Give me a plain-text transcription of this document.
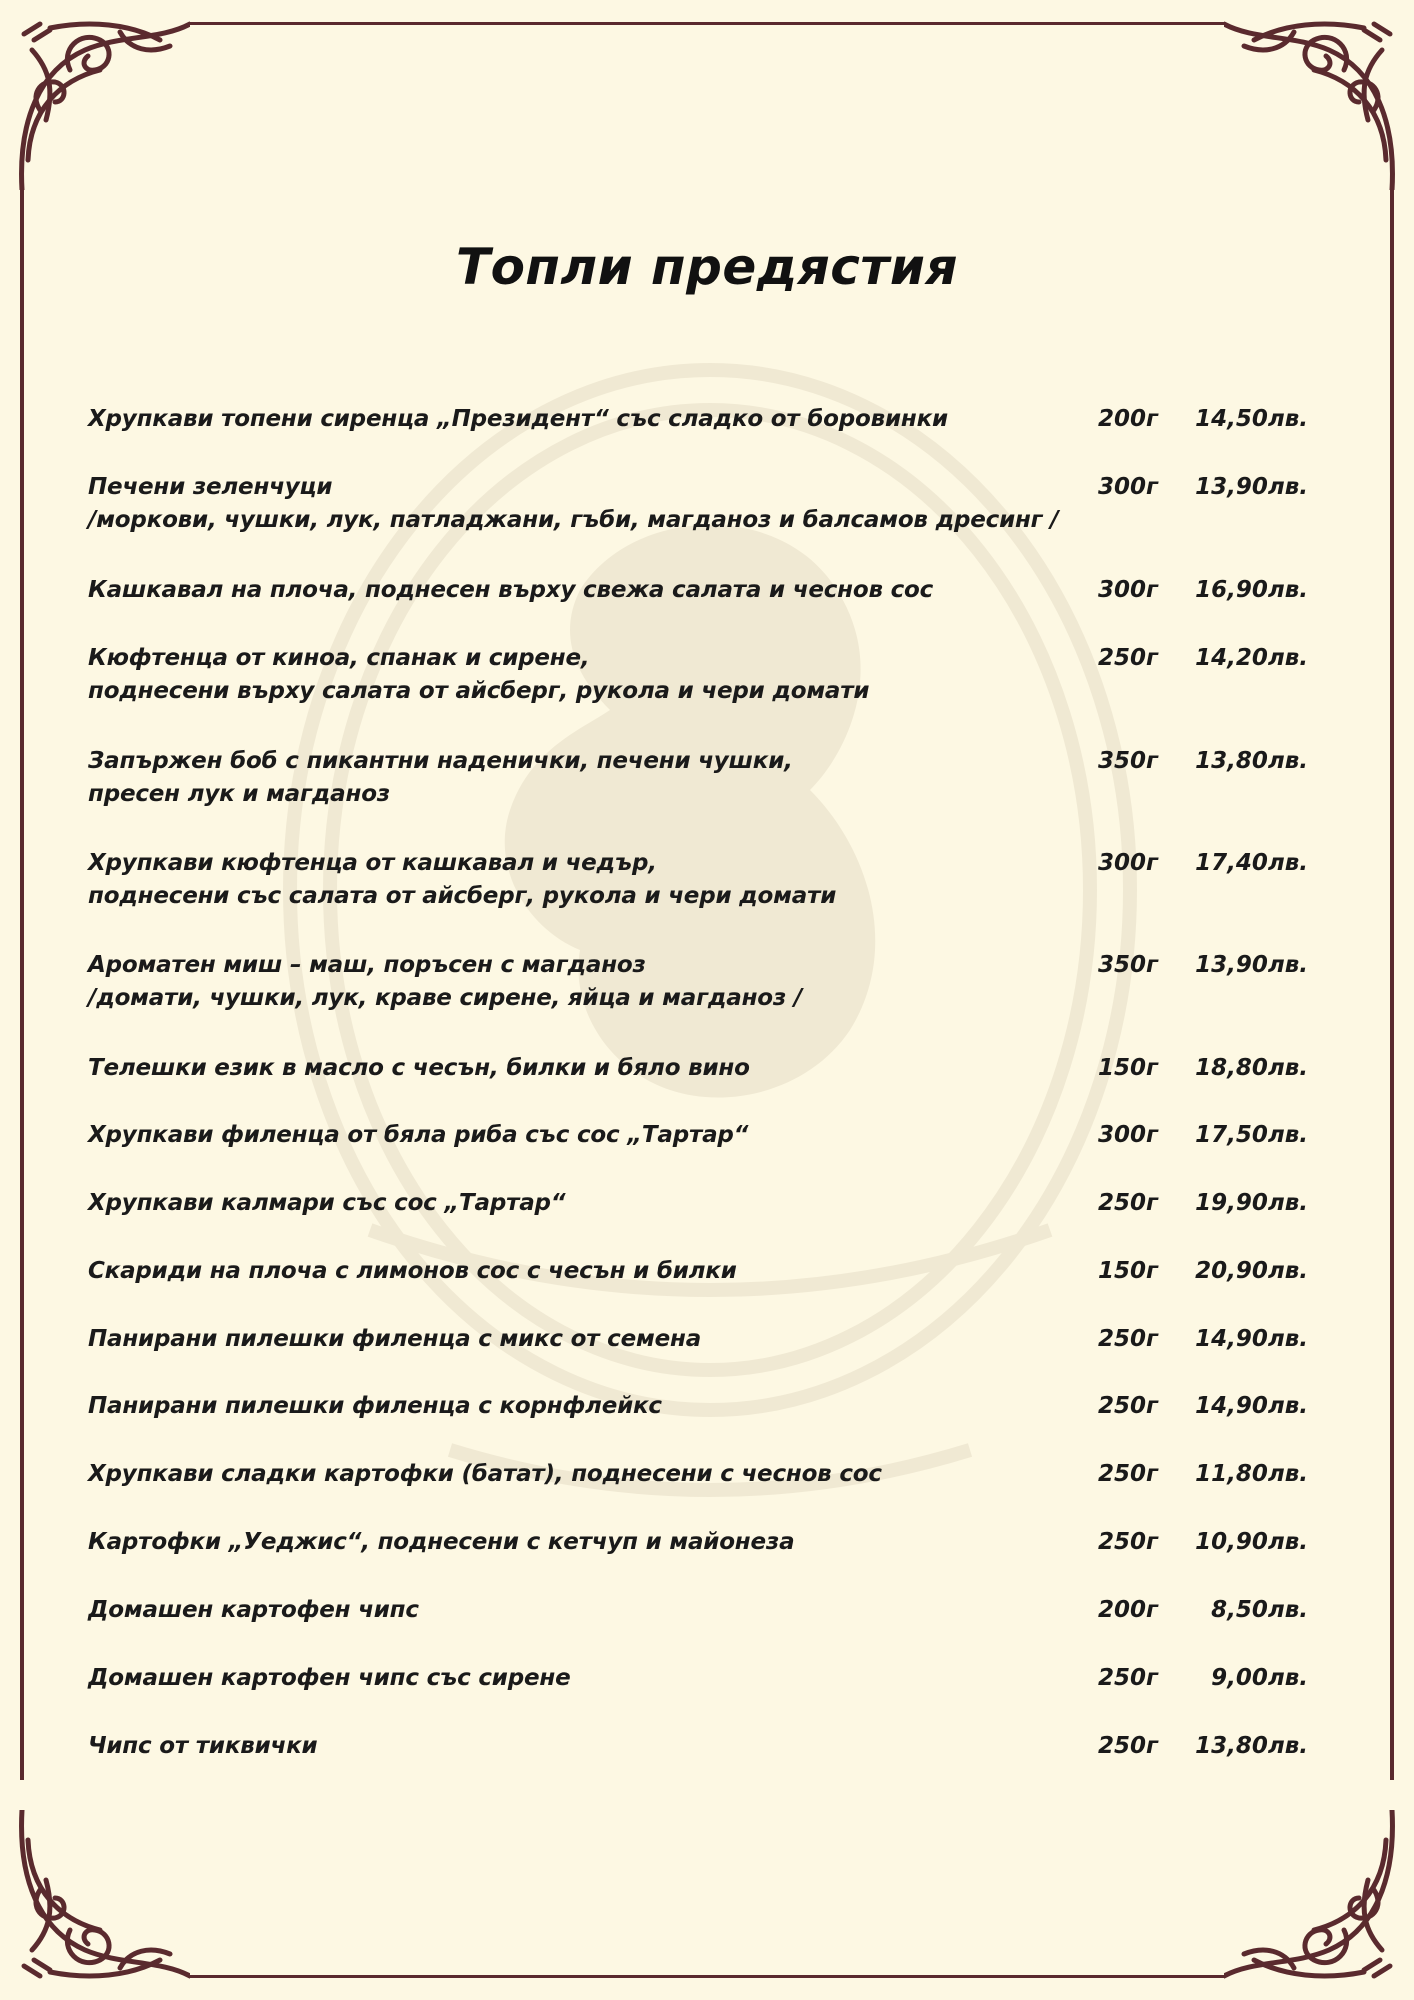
Топли предястия
Хрупкави топени сиренца „Президент“ със сладко от боровинки	200г	14,50лв.
Печени зеленчуци
/моркови, чушки, лук, патладжани, гъби, магданоз и балсамов дресинг /
300г	13,90лв.
Кашкавал на плоча, поднесен върху свежа салата и чеснов сос	300г	16,90лв.
Кюфтенца от киноа, спанак и сирене,
поднесени върху салата от айсберг, рукола и чери домати
250г	14,20лв.
Запържен боб с пикантни наденички, печени чушки,
пресен лук и магданоз
350г	13,80лв.
Хрупкави кюфтенца от кашкавал и чедър,
поднесени със салата от айсберг, рукола и чери домати
300г	17,40лв.
Ароматен миш – маш, поръсен с магданоз
/домати, чушки, лук, краве сирене, яйца и магданоз /
350г	13,90лв.
Телешки език в масло с чесън, билки и бяло вино	150г	18,80лв.
Хрупкави филенца от бяла риба със сос „Тартар“	300г	17,50лв.
Хрупкави калмари със сос „Тартар“	250г	19,90лв.
Скариди на плоча с лимонов сос с чесън и билки	150г	20,90лв.
Панирани пилешки филенца с микс от семена	250г	14,90лв.
Панирани пилешки филенца с корнфлейкс	250г	14,90лв.
Хрупкави сладки картофки (батат), поднесени с чеснов сос	250г	11,80лв.
Картофки „Уеджис“, поднесени с кетчуп и майонеза	250г	10,90лв.
Домашен картофен чипс	200г	8,50лв.
Домашен картофен чипс със сирене	250г	9,00лв.
Чипс от тиквички	250г	13,80лв.
